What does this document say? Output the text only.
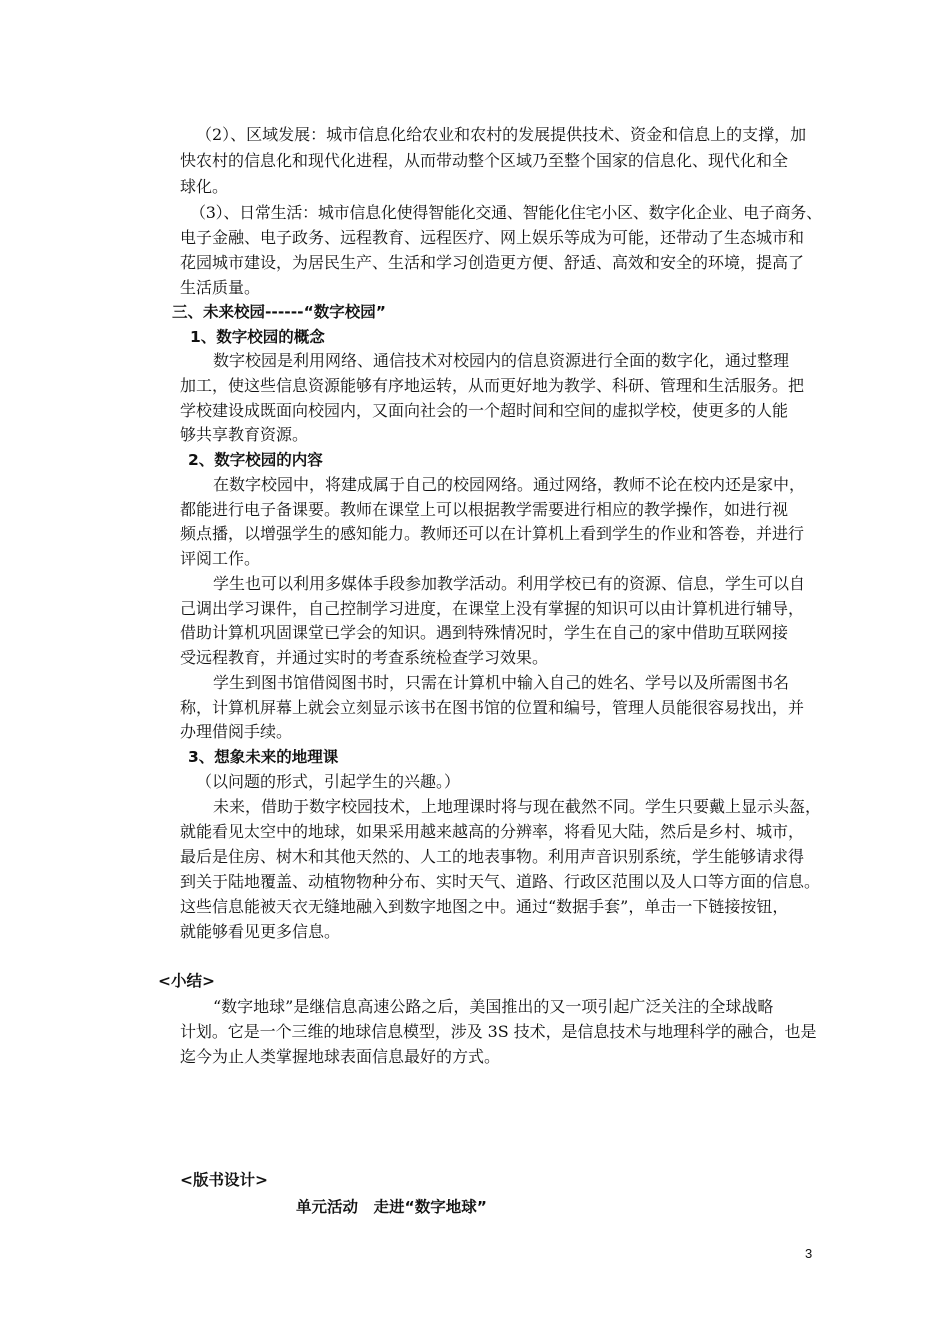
（2）、区域发展：城市信息化给农业和农村的发展提供技术、资金和信息上的支撑，加
快农村的信息化和现代化进程，从而带动整个区域乃至整个国家的信息化、现代化和全
球化。
（3）、日常生活：城市信息化使得智能化交通、智能化住宅小区、数字化企业、电子商务、
电子金融、电子政务、远程教育、远程医疗、网上娱乐等成为可能，还带动了生态城市和
花园城市建设，为居民生产、生活和学习创造更方便、舒适、高效和安全的环境，提高了
生活质量。
三、未来校园------“数字校园”
1、数字校园的概念
数字校园是利用网络、通信技术对校园内的信息资源进行全面的数字化，通过整理
加工，使这些信息资源能够有序地运转，从而更好地为教学、科研、管理和生活服务。把
学校建设成既面向校园内，又面向社会的一个超时间和空间的虚拟学校，使更多的人能
够共享教育资源。
2、数字校园的内容
在数字校园中，将建成属于自己的校园网络。通过网络，教师不论在校内还是家中，
都能进行电子备课要。教师在课堂上可以根据教学需要进行相应的教学操作，如进行视
频点播，以增强学生的感知能力。教师还可以在计算机上看到学生的作业和答卷，并进行
评阅工作。
学生也可以利用多媒体手段参加教学活动。利用学校已有的资源、信息，学生可以自
己调出学习课件，自己控制学习进度，在课堂上没有掌握的知识可以由计算机进行辅导，
借助计算机巩固课堂已学会的知识。遇到特殊情况时，学生在自己的家中借助互联网接
受远程教育，并通过实时的考查系统检查学习效果。
学生到图书馆借阅图书时，只需在计算机中输入自己的姓名、学号以及所需图书名
称，计算机屏幕上就会立刻显示该书在图书馆的位置和编号，管理人员能很容易找出，并
办理借阅手续。
3、想象未来的地理课
（以问题的形式，引起学生的兴趣。）
未来，借助于数字校园技术，上地理课时将与现在截然不同。学生只要戴上显示头盔，
就能看见太空中的地球，如果采用越来越高的分辨率，将看见大陆，然后是乡村、城市，
最后是住房、树木和其他天然的、人工的地表事物。利用声音识别系统，学生能够请求得
到关于陆地覆盖、动植物物种分布、实时天气、道路、行政区范围以及人口等方面的信息。
这些信息能被天衣无缝地融入到数字地图之中。通过“数据手套”，单击一下链接按钮，
就能够看见更多信息。
<小结>
“数字地球”是继信息高速公路之后，美国推出的又一项引起广泛关注的全球战略
计划。它是一个三维的地球信息模型，涉及 3S 技术，是信息技术与地理科学的融合，也是
迄今为止人类掌握地球表面信息最好的方式。
<版书设计>
单元活动　走进“数字地球”
3
